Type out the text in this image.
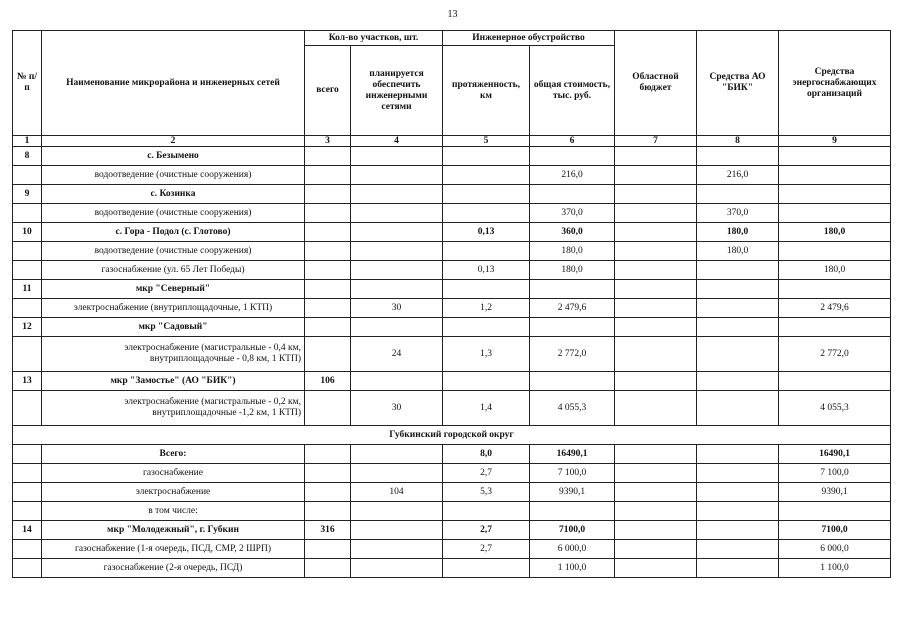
13
№ п/п	Наименование микрорайона и инженерных сетей	Кол-во участков, шт.		Инженерное обустройство		Областной бюджет	Средства АО "БИК"	Средства энергоснабжающих организаций
		всего	планируется обеспечить инженерными сетями	протяженность, км	общая стоимость, тыс. руб.			
1	2	3	4	5	6	7	8	9
8	с. Безымено							
	водоотведение (очистные сооружения)				216,0		216,0	
9	с. Козинка							
	водоотведение (очистные сооружения)				370,0		370,0	
10	с. Гора - Подол (с. Глотово)			0,13	360,0		180,0	180,0
	водоотведение (очистные сооружения)				180,0		180,0	
	газоснабжение (ул. 65 Лет Победы)			0,13	180,0			180,0
11	мкр "Северный"							
	электроснабжение (внутриплощадочные, 1 КТП)		30	1,2	2 479,6			2 479,6
12	мкр "Садовый"							
	электроснабжение (магистральные - 0,4 км, внутриплощадочные - 0,8 км, 1 КТП)		24	1,3	2 772,0			2 772,0
13	мкр "Замостье" (АО "БИК")	106						
	электроснабжение (магистральные - 0,2 км, внутриплощадочные -1,2 км, 1 КТП)		30	1,4	4 055,3			4 055,3
Губкинский городской округ								
	Всего:			8,0	16490,1			16490,1
	газоснабжение			2,7	7 100,0			7 100,0
	электроснабжение		104	5,3	9390,1			9390,1
	в том числе:							
14	мкр "Молодежный", г. Губкин	316		2,7	7100,0			7100,0
	газоснабжение (1-я очередь, ПСД, СМР, 2 ШРП)			2,7	6 000,0			6 000,0
	газоснабжение (2-я очередь, ПСД)				1 100,0			1 100,0
